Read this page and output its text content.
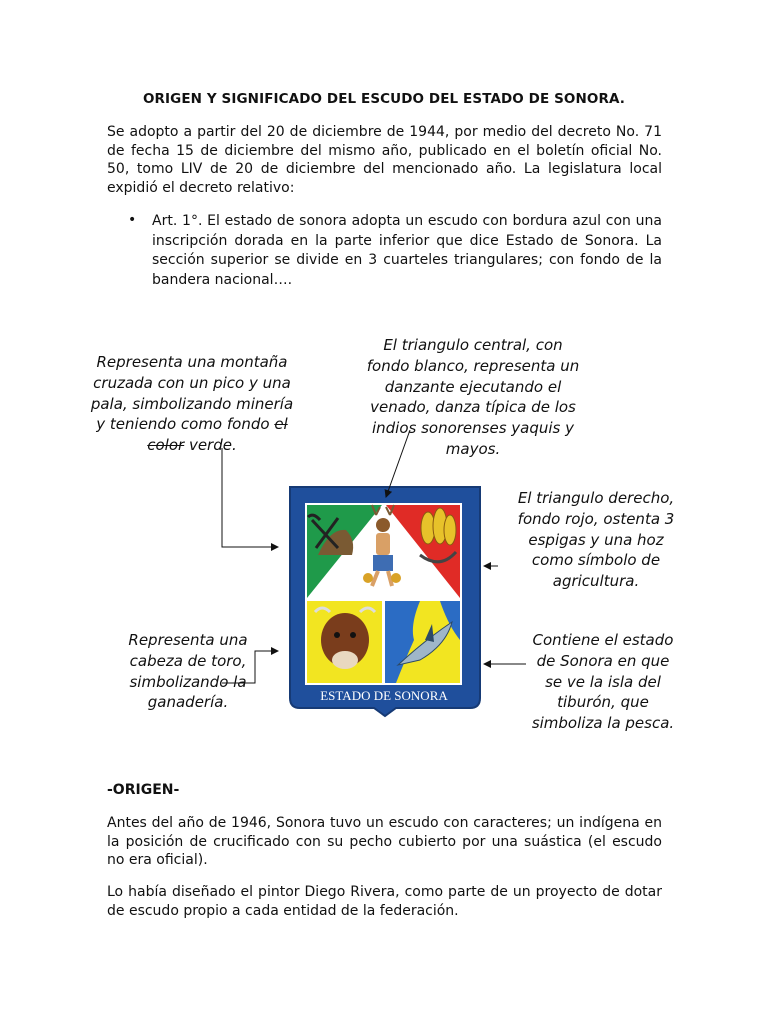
ORIGEN Y SIGNIFICADO DEL ESCUDO DEL ESTADO DE SONORA.
Se adopto a partir del 20 de diciembre de 1944, por medio del decreto No. 71 de fecha 15 de diciembre del mismo año, publicado en el boletín oficial No. 50, tomo LIV de 20 de diciembre del mencionado año. La legislatura local expidió el decreto relativo:
• Art. 1°. El estado de sonora adopta un escudo con bordura azul con una inscripción dorada en la parte inferior que dice Estado de Sonora. La sección superior se divide en 3 cuarteles triangulares; con fondo de la bandera nacional….
Representa una montaña cruzada con un pico y una pala, simbolizando minería y teniendo como fondo el color verde.
El triangulo central, con fondo blanco, representa un danzante ejecutando el venado, danza típica de los indios sonorenses yaquis y mayos.
El triangulo derecho, fondo rojo, ostenta 3 espigas y una hoz como símbolo de agricultura.
Representa una cabeza de toro, simbolizando la ganadería.
Contiene el estado de Sonora en que se ve la isla del tiburón, que simboliza la pesca.
ESTADO DE SONORA
-ORIGEN-
Antes del año de 1946, Sonora tuvo un escudo con caracteres; un indígena en la posición de crucificado con su pecho cubierto por una suástica (el escudo no era oficial).
Lo había diseñado el pintor Diego Rivera, como parte de un proyecto de dotar de escudo propio a cada entidad de la federación.
